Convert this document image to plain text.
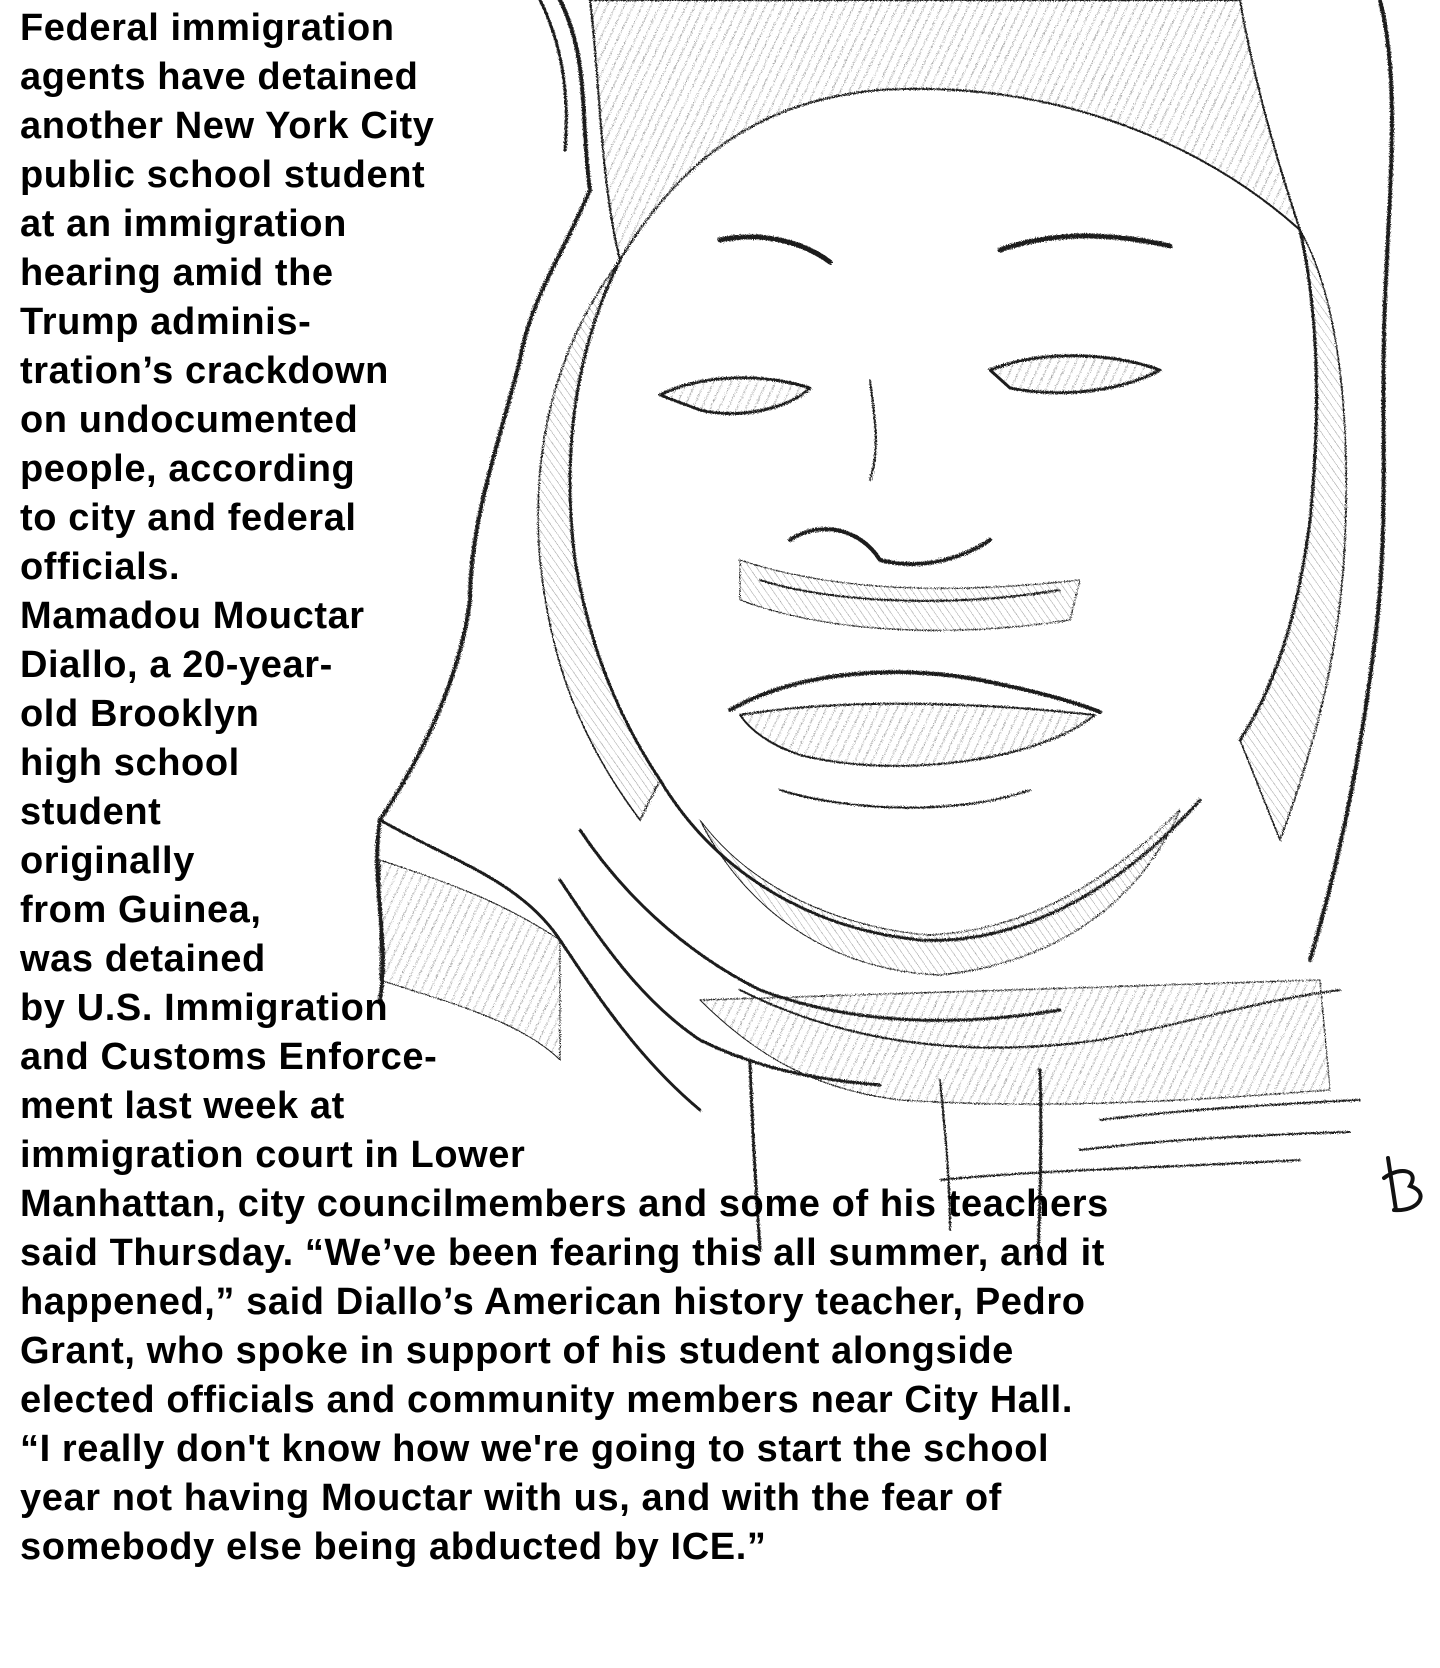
Federal immigration
agents have detained
another New York City
public school student
at an immigration
hearing amid the
Trump adminis-
tration’s crackdown
on undocumented
people, according
to city and federal
officials.
Mamadou Mouctar
Diallo, a 20-year-
old Brooklyn
high school
student
originally
from Guinea,
was detained
by U.S. Immigration
and Customs Enforce-
ment last week at
immigration court in Lower
Manhattan, city councilmembers and some of his teachers
said Thursday. “We’ve been fearing this all summer, and it
happened,” said Diallo’s American history teacher, Pedro
Grant, who spoke in support of his student alongside
elected officials and community members near City Hall.
“I really don't know how we're going to start the school
year not having Mouctar with us, and with the fear of
somebody else being abducted by ICE.”
